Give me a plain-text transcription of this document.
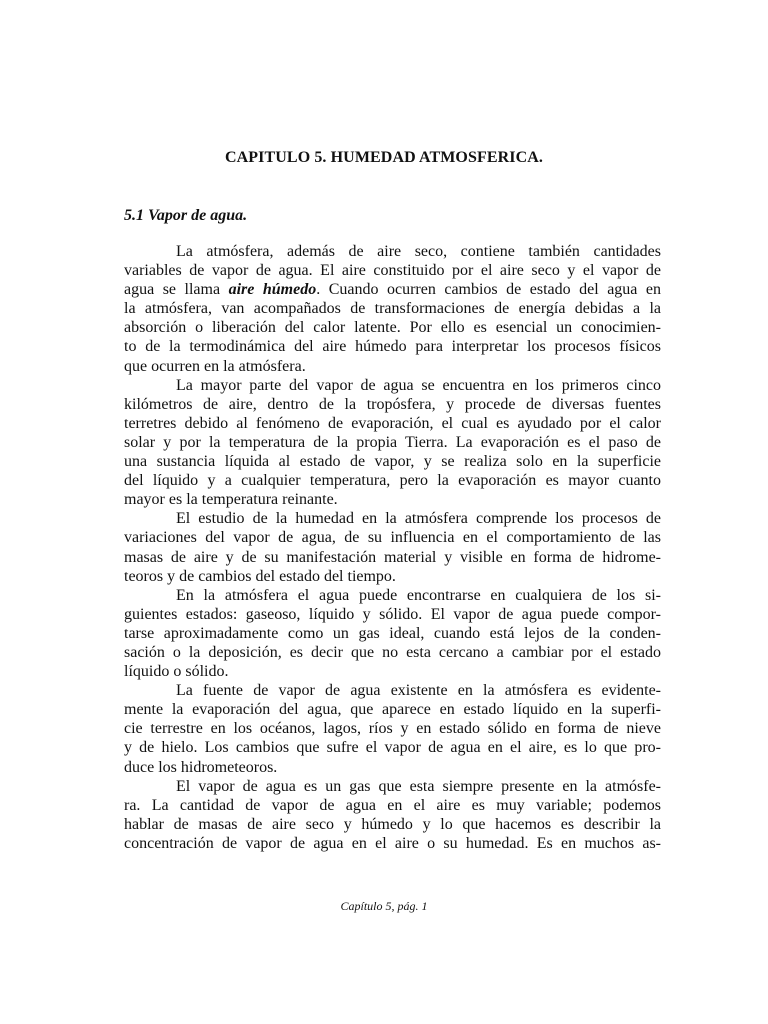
CAPITULO 5. HUMEDAD ATMOSFERICA.
5.1 Vapor de agua.

La atmósfera, además de aire seco, contiene también cantidades
variables de vapor de agua. El aire constituido por el aire seco y el vapor de
agua se llama aire húmedo. Cuando ocurren cambios de estado del agua en
la atmósfera, van acompañados de transformaciones de energía debidas a la
absorción o liberación del calor latente. Por ello es esencial un conocimien-
to de la termodinámica del aire húmedo para interpretar los procesos físicos
que ocurren en la atmósfera.

La mayor parte del vapor de agua se encuentra en los primeros cinco
kilómetros de aire, dentro de la tropósfera, y procede de diversas fuentes
terretres debido al fenómeno de evaporación, el cual es ayudado por el calor
solar y por la temperatura de la propia Tierra. La evaporación es el paso de
una sustancia líquida al estado de vapor, y se realiza solo en la superficie
del líquido y a cualquier temperatura, pero la evaporación es mayor cuanto
mayor es la temperatura reinante.

El estudio de la humedad en la atmósfera comprende los procesos de
variaciones del vapor de agua, de su influencia en el comportamiento de las
masas de aire y de su manifestación material y visible en forma de hidrome-
teoros y de cambios del estado del tiempo.

En la atmósfera el agua puede encontrarse en cualquiera de los si-
guientes estados: gaseoso, líquido y sólido. El vapor de agua puede compor-
tarse aproximadamente como un gas ideal, cuando está lejos de la conden-
sación o la deposición, es decir que no esta cercano a cambiar por el estado
líquido o sólido.

La fuente de vapor de agua existente en la atmósfera es evidente-
mente la evaporación del agua, que aparece en estado líquido en la superfi-
cie terrestre en los océanos, lagos, ríos y en estado sólido en forma de nieve
y de hielo. Los cambios que sufre el vapor de agua en el aire, es lo que pro-
duce los hidrometeoros.

El vapor de agua es un gas que esta siempre presente en la atmósfe-
ra. La cantidad de vapor de agua en el aire es muy variable; podemos
hablar de masas de aire seco y húmedo y lo que hacemos es describir la
concentración de vapor de agua en el aire o su humedad. Es en muchos as-

Capítulo 5, pág. 1
